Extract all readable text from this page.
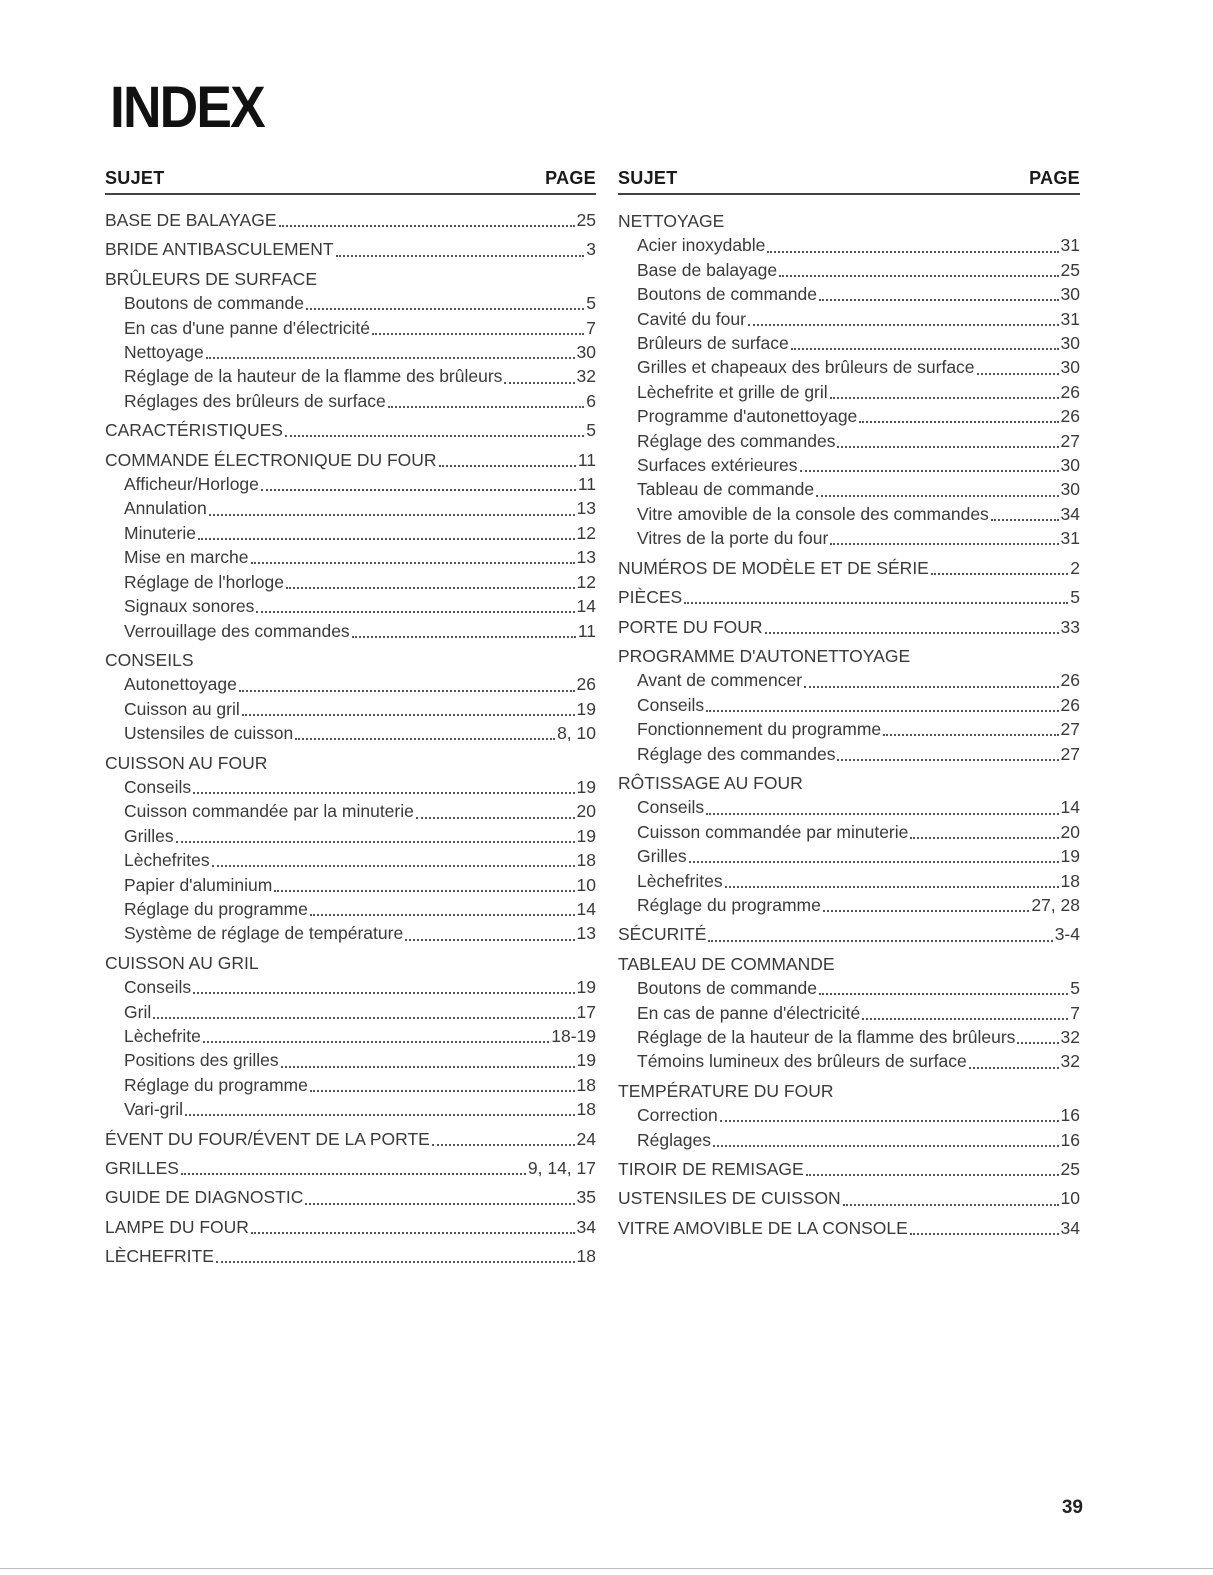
INDEX
SUJET	PAGE
BASE DE BALAYAGE	25
BRIDE ANTIBASCULEMENT	3
BRÛLEURS DE SURFACE
Boutons de commande	5
En cas d'une panne d'électricité	7
Nettoyage	30
Réglage de la hauteur de la flamme des brûleurs	32
Réglages des brûleurs de surface	6
CARACTÉRISTIQUES	5
COMMANDE ÉLECTRONIQUE DU FOUR	11
Afficheur/Horloge	11
Annulation	13
Minuterie	12
Mise en marche	13
Réglage de l'horloge	12
Signaux sonores	14
Verrouillage des commandes	11
CONSEILS
Autonettoyage	26
Cuisson au gril	19
Ustensiles de cuisson	8, 10
CUISSON AU FOUR
Conseils	19
Cuisson commandée par la minuterie	20
Grilles	19
Lèchefrites	18
Papier d'aluminium	10
Réglage du programme	14
Système de réglage de température	13
CUISSON AU GRIL
Conseils	19
Gril	17
Lèchefrite	18-19
Positions des grilles	19
Réglage du programme	18
Vari-gril	18
ÉVENT DU FOUR/ÉVENT DE LA PORTE	24
GRILLES	9, 14, 17
GUIDE DE DIAGNOSTIC	35
LAMPE DU FOUR	34
LÈCHEFRITE	18
SUJET	PAGE
NETTOYAGE
Acier inoxydable	31
Base de balayage	25
Boutons de commande	30
Cavité du four	31
Brûleurs de surface	30
Grilles et chapeaux des brûleurs de surface	30
Lèchefrite et grille de gril	26
Programme d'autonettoyage	26
Réglage des commandes	27
Surfaces extérieures	30
Tableau de commande	30
Vitre amovible de la console des commandes	34
Vitres de la porte du four	31
NUMÉROS DE MODÈLE ET DE SÉRIE	2
PIÈCES	5
PORTE DU FOUR	33
PROGRAMME D'AUTONETTOYAGE
Avant de commencer	26
Conseils	26
Fonctionnement du programme	27
Réglage des commandes	27
RÔTISSAGE AU FOUR
Conseils	14
Cuisson commandée par minuterie	20
Grilles	19
Lèchefrites	18
Réglage du programme	27, 28
SÉCURITÉ	3-4
TABLEAU DE COMMANDE
Boutons de commande	5
En cas de panne d'électricité	7
Réglage de la hauteur de la flamme des brûleurs	32
Témoins lumineux des brûleurs de surface	32
TEMPÉRATURE DU FOUR
Correction	16
Réglages	16
TIROIR DE REMISAGE	25
USTENSILES DE CUISSON	10
VITRE AMOVIBLE DE LA CONSOLE	34
39
